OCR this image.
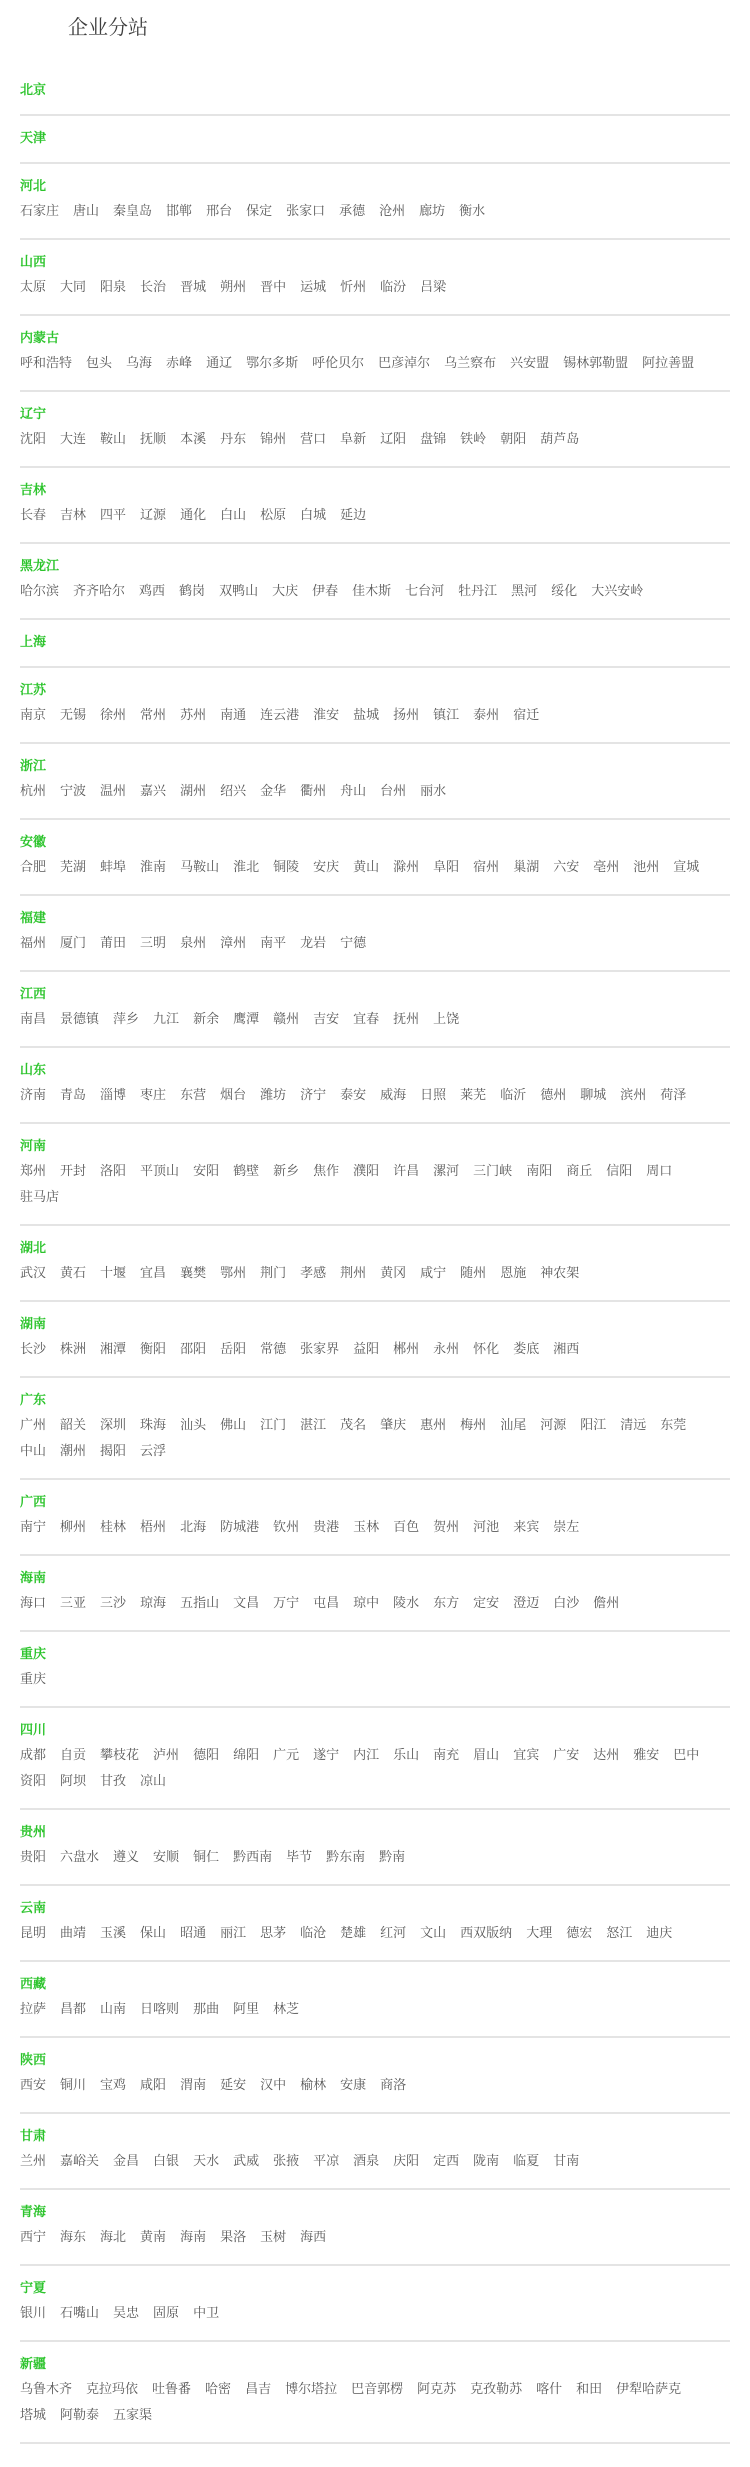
企业分站
北京
天津
河北
石家庄 唐山 秦皇岛 邯郸 邢台 保定 张家口 承德 沧州 廊坊 衡水
山西
太原 大同 阳泉 长治 晋城 朔州 晋中 运城 忻州 临汾 吕梁
内蒙古
呼和浩特 包头 乌海 赤峰 通辽 鄂尔多斯 呼伦贝尔 巴彦淖尔 乌兰察布 兴安盟 锡林郭勒盟 阿拉善盟
辽宁
沈阳 大连 鞍山 抚顺 本溪 丹东 锦州 营口 阜新 辽阳 盘锦 铁岭 朝阳 葫芦岛
吉林
长春 吉林 四平 辽源 通化 白山 松原 白城 延边
黑龙江
哈尔滨 齐齐哈尔 鸡西 鹤岗 双鸭山 大庆 伊春 佳木斯 七台河 牡丹江 黑河 绥化 大兴安岭
上海
江苏
南京 无锡 徐州 常州 苏州 南通 连云港 淮安 盐城 扬州 镇江 泰州 宿迁
浙江
杭州 宁波 温州 嘉兴 湖州 绍兴 金华 衢州 舟山 台州 丽水
安徽
合肥 芜湖 蚌埠 淮南 马鞍山 淮北 铜陵 安庆 黄山 滁州 阜阳 宿州 巢湖 六安 亳州 池州 宣城
福建
福州 厦门 莆田 三明 泉州 漳州 南平 龙岩 宁德
江西
南昌 景德镇 萍乡 九江 新余 鹰潭 赣州 吉安 宜春 抚州 上饶
山东
济南 青岛 淄博 枣庄 东营 烟台 潍坊 济宁 泰安 威海 日照 莱芜 临沂 德州 聊城 滨州 荷泽
河南
郑州 开封 洛阳 平顶山 安阳 鹤壁 新乡 焦作 濮阳 许昌 漯河 三门峡 南阳 商丘 信阳 周口驻马店
湖北
武汉 黄石 十堰 宜昌 襄樊 鄂州 荆门 孝感 荆州 黄冈 咸宁 随州 恩施 神农架
湖南
长沙 株洲 湘潭 衡阳 邵阳 岳阳 常德 张家界 益阳 郴州 永州 怀化 娄底 湘西
广东
广州 韶关 深圳 珠海 汕头 佛山 江门 湛江 茂名 肇庆 惠州 梅州 汕尾 河源 阳江 清远 东莞中山 潮州 揭阳 云浮
广西
南宁 柳州 桂林 梧州 北海 防城港 钦州 贵港 玉林 百色 贺州 河池 来宾 崇左
海南
海口 三亚 三沙 琼海 五指山 文昌 万宁 屯昌 琼中 陵水 东方 定安 澄迈 白沙 儋州
重庆
重庆
四川
成都 自贡 攀枝花 泸州 德阳 绵阳 广元 遂宁 内江 乐山 南充 眉山 宜宾 广安 达州 雅安 巴中资阳 阿坝 甘孜 凉山
贵州
贵阳 六盘水 遵义 安顺 铜仁 黔西南 毕节 黔东南 黔南
云南
昆明 曲靖 玉溪 保山 昭通 丽江 思茅 临沧 楚雄 红河 文山 西双版纳 大理 德宏 怒江 迪庆
西藏
拉萨 昌都 山南 日喀则 那曲 阿里 林芝
陕西
西安 铜川 宝鸡 咸阳 渭南 延安 汉中 榆林 安康 商洛
甘肃
兰州 嘉峪关 金昌 白银 天水 武威 张掖 平凉 酒泉 庆阳 定西 陇南 临夏 甘南
青海
西宁 海东 海北 黄南 海南 果洛 玉树 海西
宁夏
银川 石嘴山 吴忠 固原 中卫
新疆
乌鲁木齐 克拉玛依 吐鲁番 哈密 昌吉 博尔塔拉 巴音郭楞 阿克苏 克孜勒苏 喀什 和田 伊犁哈萨克塔城 阿勒泰 五家渠
